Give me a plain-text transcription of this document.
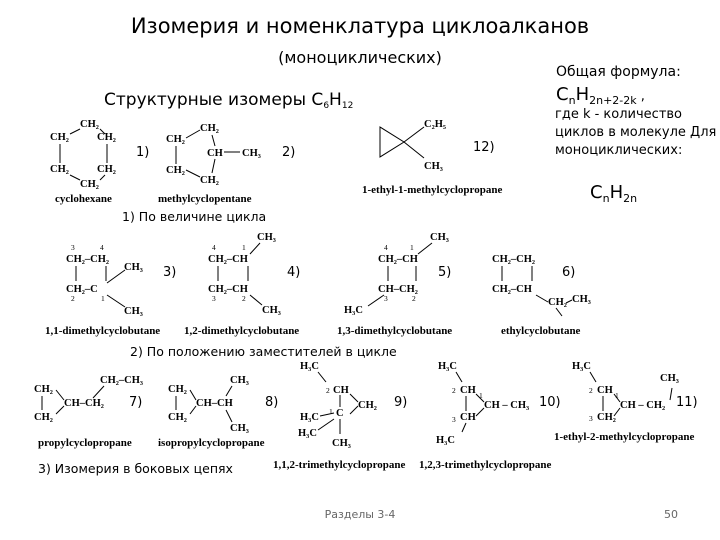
Изомерия и номенклатура циклоалканов
(моноциклических)
Структурные изомеры $С_6Н_{12}$
Общая формула:
$C_nH_{2n+2-2k}$ ,
где k - количество циклов в молекуле Для моноциклических:
$C_nH_{2n}$
1) По величине цикла
2) По положению заместителей в цикле
3) Изомерия в боковых цепях
1)	2)	12)
3)	4)	5)	6)
7)	8)	9)	10)	11)
cyclohexane	methylcyclopentane
1-ethyl-1-methylcyclopropane
1,1-dimethylcyclobutane 1,2-dimethylcyclobutane	1,3-dimethylcyclobutane	ethylcyclobutane
propylcyclopropane isopropylcyclopropane
1,1,2-trimethylcyclopropane 1,2,3-trimethylcyclopropane
1-ethyl-2-methylcyclopropane
CH₂
CH₂	CH₂
CH₂	CH₂
CH₂
CH₂
CH₂
CH₂
CH CH₃
CH₂
C₂H₅
CH₃
3	4
CH₂–CH₂
CH₂–C
2	1
CH₃
CH₃
CH₃
4	1
CH₂–CH
CH₂–CH
3	2
CH₃
CH₃
4	1
CH₂–CH
CH–CH₂
3	2
H₃C
CH₂–CH₂
CH₂–CH
CH₂ CH₃
CH₂
CH₂
CH–CH₂
CH₂–CH₃
CH₂
CH₂
CH–CH
CH₃
CH₃
H₃C
2 CH
CH₂
1 C
H₃C
H₃C
CH₃
H₃C
2 CH
3 CH
1
CH – CH₃
H₃C
H₃C
2 CH
3 CH₂
1
CH – CH₂
CH₃
Разделы 3-4	50
